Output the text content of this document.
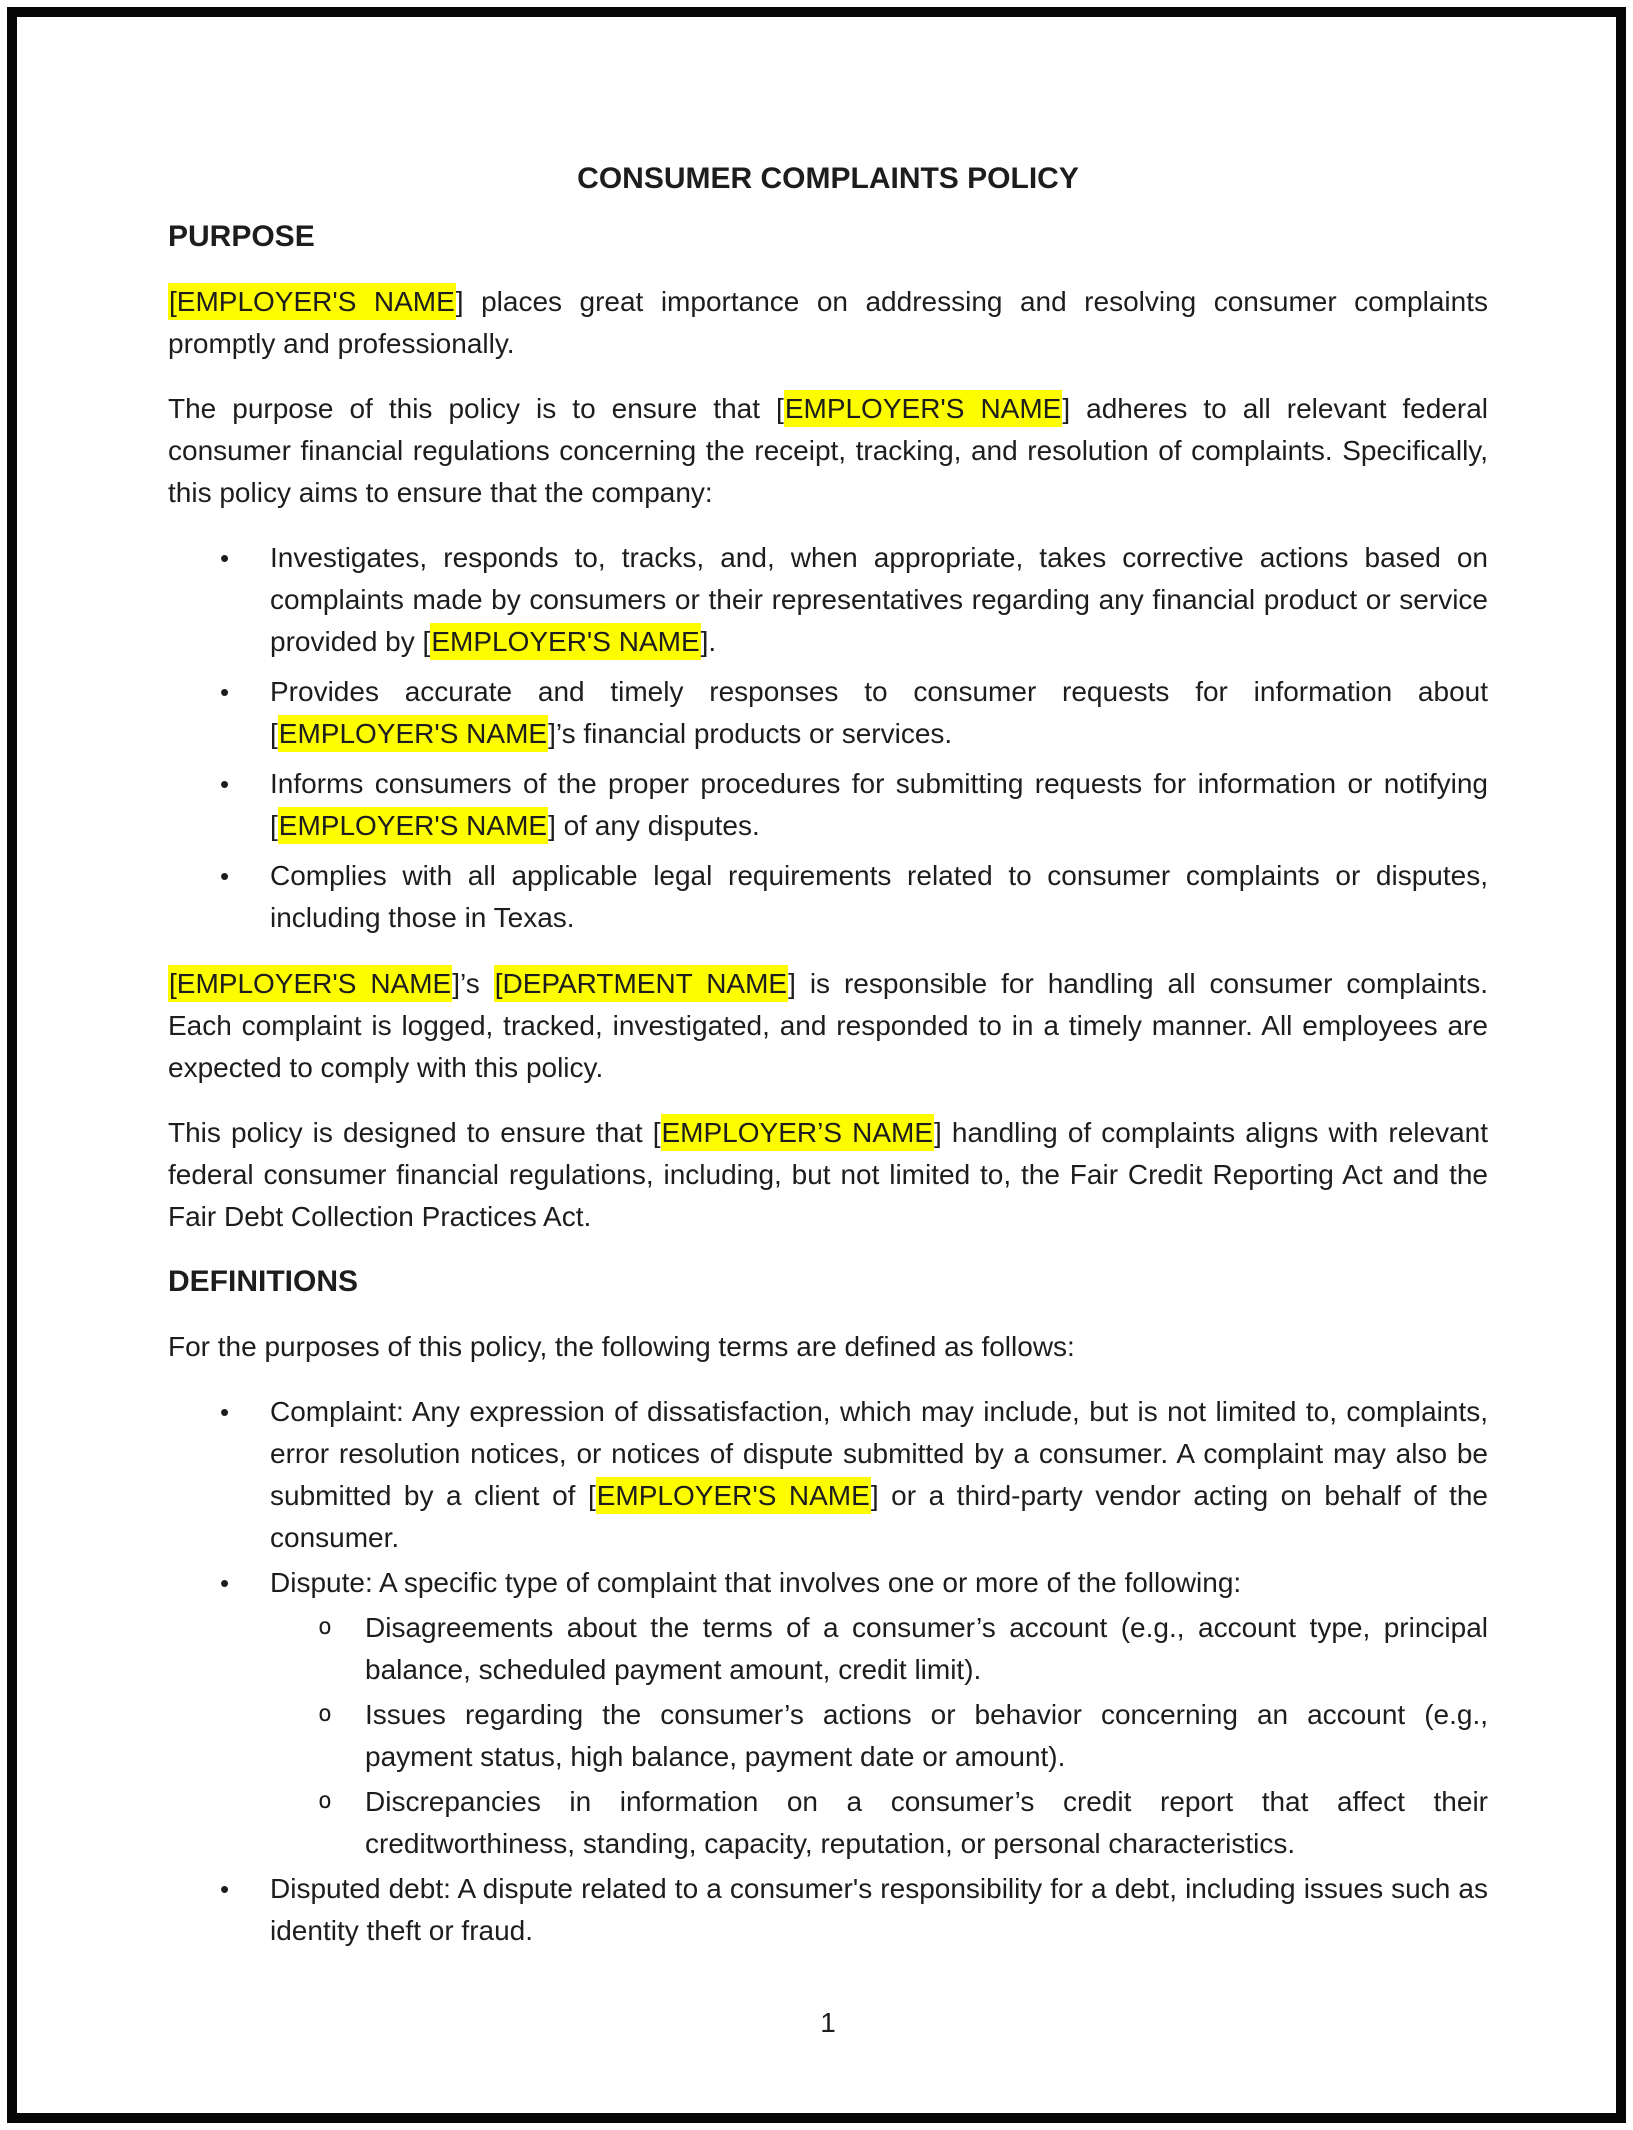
CONSUMER COMPLAINTS POLICY
PURPOSE

[EMPLOYER'S NAME] places great importance on addressing and resolving consumer complaints promptly and professionally.

The purpose of this policy is to ensure that [EMPLOYER'S NAME] adheres to all relevant federal consumer financial regulations concerning the receipt, tracking, and resolution of complaints. Specifically, this policy aims to ensure that the company:

• Investigates, responds to, tracks, and, when appropriate, takes corrective actions based on complaints made by consumers or their representatives regarding any financial product or service provided by [EMPLOYER'S NAME].
• Provides accurate and timely responses to consumer requests for information about [EMPLOYER'S NAME]’s financial products or services.
• Informs consumers of the proper procedures for submitting requests for information or notifying [EMPLOYER'S NAME] of any disputes.
• Complies with all applicable legal requirements related to consumer complaints or disputes, including those in Texas.

[EMPLOYER'S NAME]’s [DEPARTMENT NAME] is responsible for handling all consumer complaints. Each complaint is logged, tracked, investigated, and responded to in a timely manner. All employees are expected to comply with this policy.

This policy is designed to ensure that [EMPLOYER’S NAME] handling of complaints aligns with relevant federal consumer financial regulations, including, but not limited to, the Fair Credit Reporting Act and the Fair Debt Collection Practices Act.

DEFINITIONS

For the purposes of this policy, the following terms are defined as follows:

• Complaint: Any expression of dissatisfaction, which may include, but is not limited to, complaints, error resolution notices, or notices of dispute submitted by a consumer. A complaint may also be submitted by a client of [EMPLOYER'S NAME] or a third-party vendor acting on behalf of the consumer.
• Dispute: A specific type of complaint that involves one or more of the following:
o Disagreements about the terms of a consumer’s account (e.g., account type, principal balance, scheduled payment amount, credit limit).
o Issues regarding the consumer’s actions or behavior concerning an account (e.g., payment status, high balance, payment date or amount).
o Discrepancies in information on a consumer’s credit report that affect their creditworthiness, standing, capacity, reputation, or personal characteristics.
• Disputed debt: A dispute related to a consumer's responsibility for a debt, including issues such as identity theft or fraud.
1
